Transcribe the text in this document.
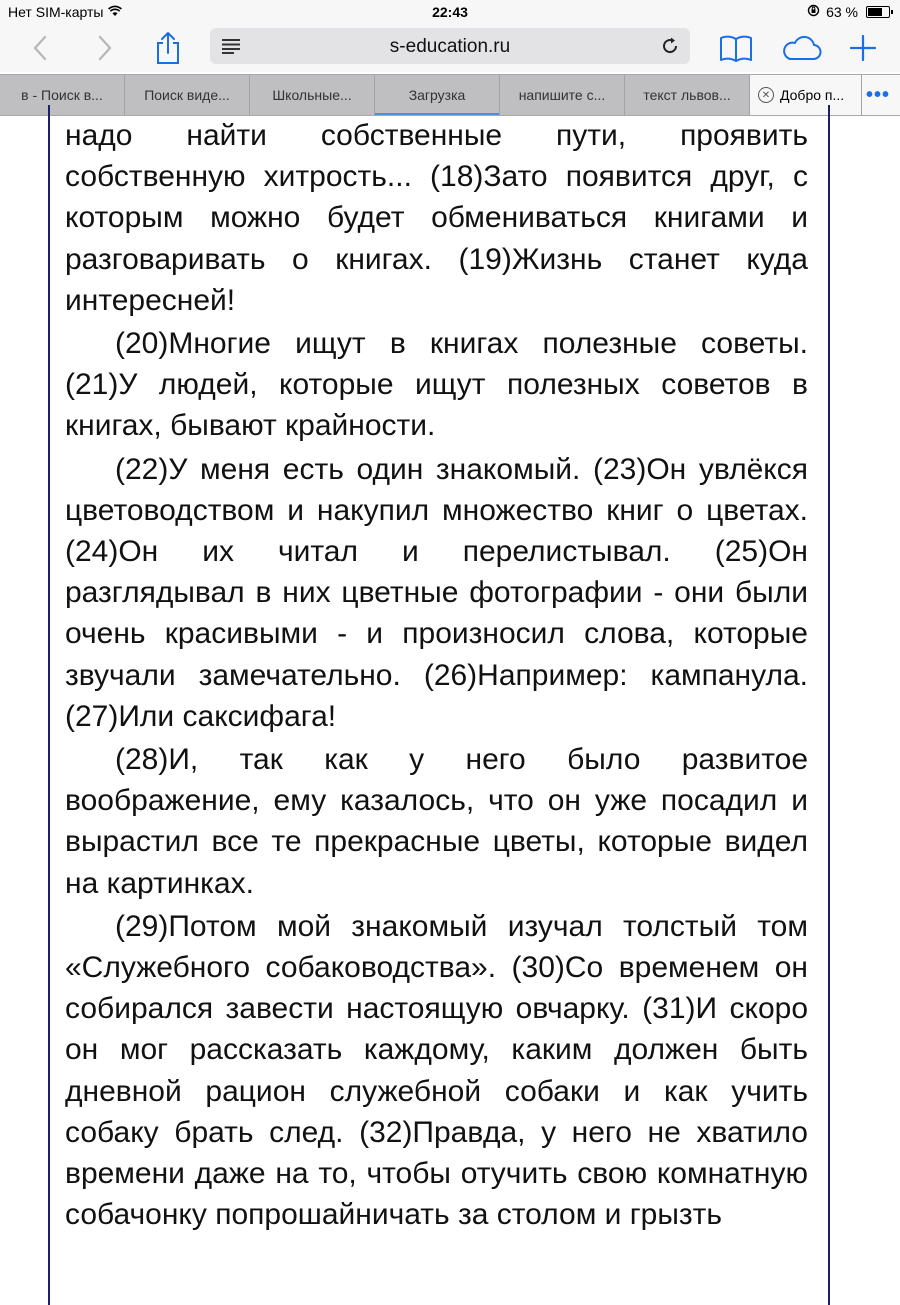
Нет SIM-карты	22:43	63 %
s-education.ru
в - Поиск в...	Поиск виде...	Школьные...	Загрузка	напишите с...	текст львов...	✕ Добро п... •••

надо найти собственные пути, проявить собственную хитрость... (18)Зато появится друг, с которым можно будет обмениваться книгами и разговаривать о книгах. (19)Жизнь станет куда интересней!

(20)Многие ищут в книгах полезные советы. (21)У людей, которые ищут полезных советов в книгах, бывают крайности.

(22)У меня есть один знакомый. (23)Он увлёкся цветоводством и накупил множество книг о цветах. (24)Он их читал и перелистывал. (25)Он разглядывал в них цветные фотографии - они были очень красивыми - и произносил слова, которые звучали замечательно. (26)Например: кампанула. (27)Или саксифага!

(28)И, так как у него было развитое воображение, ему казалось, что он уже посадил и вырастил все те прекрасные цветы, которые видел на картинках.

(29)Потом мой знакомый изучал толстый том «Служебного собаководства». (30)Со временем он собирался завести настоящую овчарку. (31)И скоро он мог рассказать каждому, каким должен быть дневной рацион служебной собаки и как учить собаку брать след. (32)Правда, у него не хватило времени даже на то, чтобы отучить свою комнатную собачонку попрошайничать за столом и грызть
